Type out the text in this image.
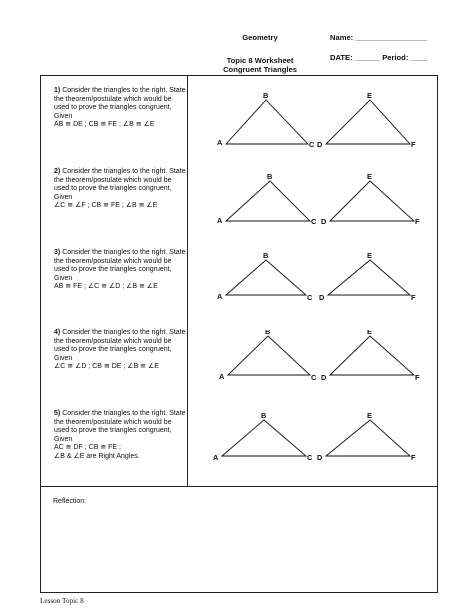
Geometry
Topic 8 Worksheet
Congruent Triangles
Name: _________________
DATE: ______ Period: ____
1) Consider the triangles to the right. State the theorem/postulate which would be used to prove the triangles congruent, Given
AB ≅ DE ; CB ≅ FE ; ∠B ≅ ∠E
2) Consider the triangles to the right. State the theorem/postulate which would be used to prove the triangles congruent, Given
∠C ≅ ∠F ; CB ≅ FE ; ∠B ≅ ∠E
3) Consider the triangles to the right. State the theorem/postulate which would be used to prove the triangles congruent, Given
AB ≅ FE ; ∠C ≅ ∠D ; ∠B ≅ ∠E
4) Consider the triangles to the right. State the theorem/postulate which would be used to prove the triangles congruent, Given
∠C ≅ ∠D ; CB ≅ DE ; ∠B ≅ ∠E
5) Consider the triangles to the right. State the theorem/postulate which would be used to prove the triangles congruent, Given
AC ≅ DF ; CB ≅ FE ;
∠B & ∠E are Right Angles.
A
B
C D
E
F
A
B
C D
E
F
A
B
C D
E
F
A
B
C D
E
F
A
B
C D
E
F
Reflection:
Lesson Topic 8
